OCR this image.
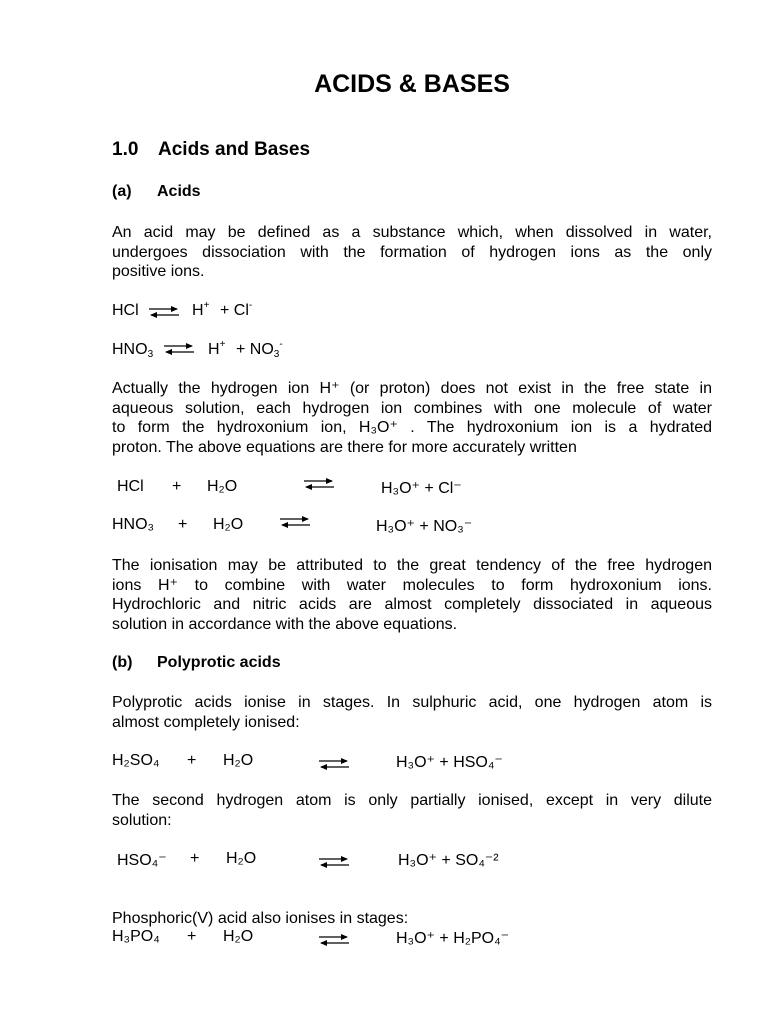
ACIDS & BASES
1.0 Acids and Bases
(a) Acids
An acid may be defined as a substance which, when dissolved in water,
undergoes dissociation with the formation of hydrogen ions as the only
positive ions.
HCl ⇌ H+ + Cl-
$HNO_3$ ⇌ $H^+ + NO_3^-$
Actually the hydrogen ion H⁺ (or proton) does not exist in the free state in
aqueous solution, each hydrogen ion combines with one molecule of water
to form the hydroxonium ion, H₃O⁺ . The hydroxonium ion is a hydrated
proton. The above equations are there for more accurately written
HCl + H₂O	H₃O⁺ + Cl⁻
HNO₃ + H₂O	H₃O⁺ + NO₃⁻
The ionisation may be attributed to the great tendency of the free hydrogen
ions H⁺ to combine with water molecules to form hydroxonium ions.
Hydrochloric and nitric acids are almost completely dissociated in aqueous
solution in accordance with the above equations.
(b) Polyprotic acids
Polyprotic acids ionise in stages. In sulphuric acid, one hydrogen atom is
almost completely ionised:
H₂SO₄ + H₂O	H₃O⁺ + HSO₄⁻
The second hydrogen atom is only partially ionised, except in very dilute
solution:
HSO₄⁻ + H₂O	H₃O⁺ + SO₄⁻²
Phosphoric(V) acid also ionises in stages:
H₃PO₄ + H₂O	H₃O⁺ + H₂PO₄⁻
